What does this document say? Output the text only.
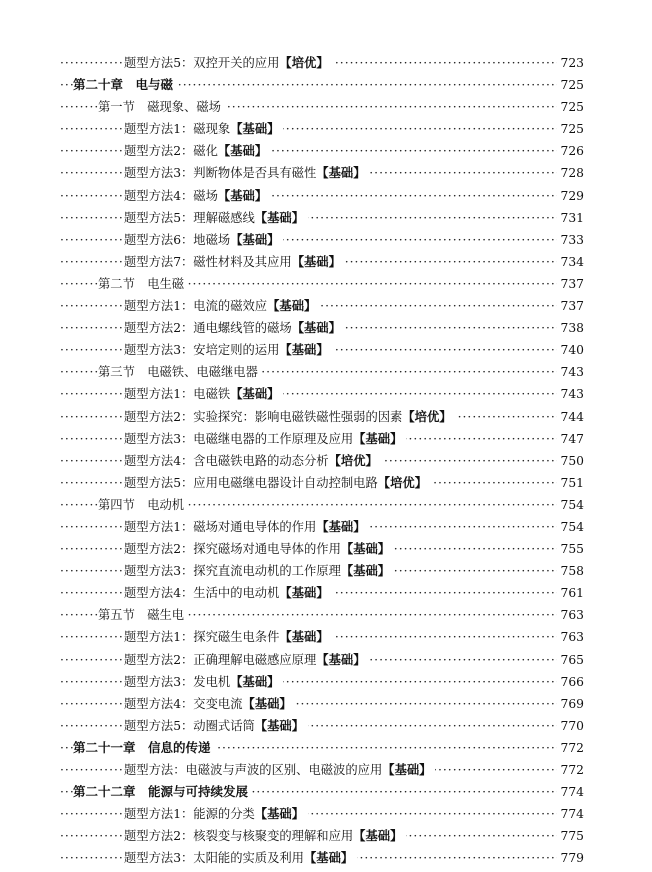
题型方法5：双控开关的应用【培优】 ·····	723
第二十章　电与磁 ·····	725
第一节　磁现象、磁场 ·····	725
题型方法1：磁现象【基础】 ·····	725
题型方法2：磁化【基础】 ·····	726
题型方法3：判断物体是否具有磁性【基础】 ·····	728
题型方法4：磁场【基础】 ·····	729
题型方法5：理解磁感线【基础】 ·····	731
题型方法6：地磁场【基础】 ·····	733
题型方法7：磁性材料及其应用【基础】 ·····	734
第二节　电生磁 ·····	737
题型方法1：电流的磁效应【基础】 ·····	737
题型方法2：通电螺线管的磁场【基础】 ·····	738
题型方法3：安培定则的运用【基础】 ·····	740
第三节　电磁铁、电磁继电器 ·····	743
题型方法1：电磁铁【基础】 ·····	743
题型方法2：实验探究：影响电磁铁磁性强弱的因素【培优】 ·····	744
题型方法3：电磁继电器的工作原理及应用【基础】 ·····	747
题型方法4：含电磁铁电路的动态分析【培优】 ·····	750
题型方法5：应用电磁继电器设计自动控制电路【培优】 ·····	751
第四节　电动机 ·····	754
题型方法1：磁场对通电导体的作用【基础】 ·····	754
题型方法2：探究磁场对通电导体的作用【基础】 ·····	755
题型方法3：探究直流电动机的工作原理【基础】 ·····	758
题型方法4：生活中的电动机【基础】 ·····	761
第五节　磁生电 ·····	763
题型方法1：探究磁生电条件【基础】 ·····	763
题型方法2：正确理解电磁感应原理【基础】 ·····	765
题型方法3：发电机【基础】 ·····	766
题型方法4：交变电流【基础】 ·····	769
题型方法5：动圈式话筒【基础】 ·····	770
第二十一章　信息的传递 ·····	772
题型方法：电磁波与声波的区别、电磁波的应用【基础】 ·····	772
第二十二章　能源与可持续发展 ·····	774
题型方法1：能源的分类【基础】 ·····	774
题型方法2：核裂变与核聚变的理解和应用【基础】 ·····	775
题型方法3：太阳能的实质及利用【基础】 ·····	779
